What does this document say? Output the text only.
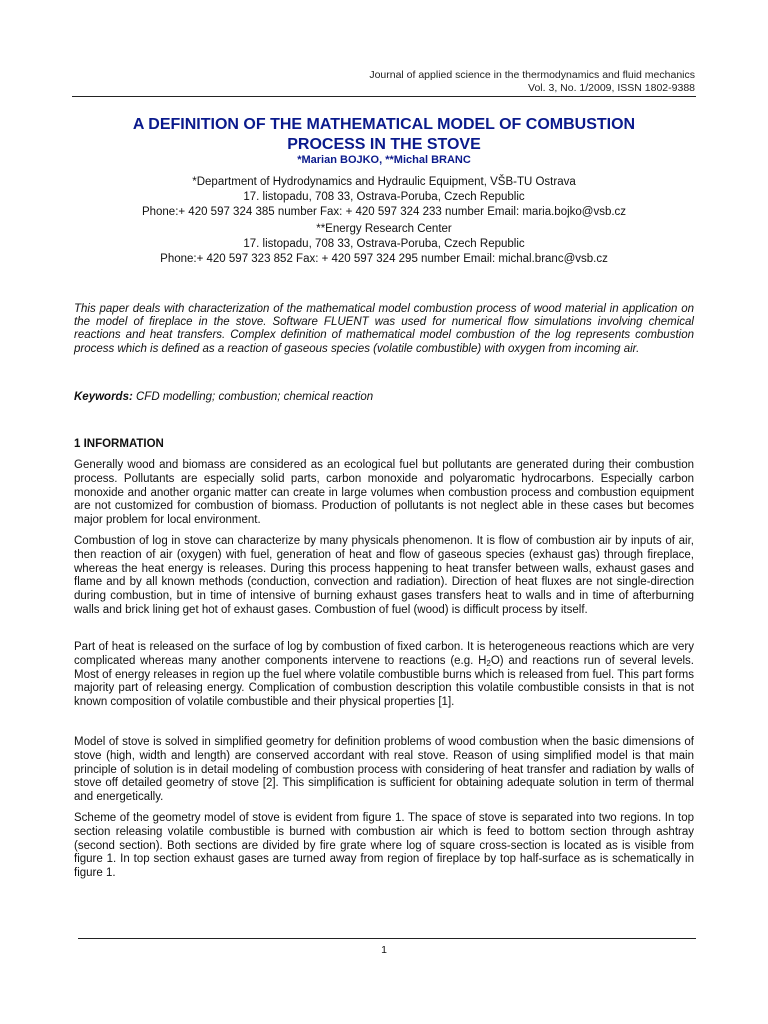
Journal of applied science in the thermodynamics and fluid mechanics
Vol. 3, No. 1/2009, ISSN 1802-9388
A DEFINITION OF THE MATHEMATICAL MODEL OF COMBUSTION
PROCESS IN THE STOVE
*Marian BOJKO, **Michal BRANC
*Department of Hydrodynamics and Hydraulic Equipment, VŠB-TU Ostrava
17. listopadu, 708 33, Ostrava-Poruba, Czech Republic
Phone:+ 420 597 324 385 number Fax: + 420 597 324 233 number Email: maria.bojko@vsb.cz
**Energy Research Center
17. listopadu, 708 33, Ostrava-Poruba, Czech Republic
Phone:+ 420 597 323 852 Fax: + 420 597 324 295 number Email: michal.branc@vsb.cz
This paper deals with characterization of the mathematical model combustion process of wood material in application on the model of fireplace in the stove. Software FLUENT was used for numerical flow simulations involving chemical reactions and heat transfers. Complex definition of mathematical model combustion of the log represents combustion process which is defined as a reaction of gaseous species (volatile combustible) with oxygen from incoming air.
Keywords: CFD modelling; combustion; chemical reaction
1 INFORMATION

Generally wood and biomass are considered as an ecological fuel but pollutants are generated during their combustion process. Pollutants are especially solid parts, carbon monoxide and polyaromatic hydrocarbons. Especially carbon monoxide and another organic matter can create in large volumes when combustion process and combustion equipment are not customized for combustion of biomass. Production of pollutants is not neglect able in these cases but becomes major problem for local environment.

Combustion of log in stove can characterize by many physicals phenomenon. It is flow of combustion air by inputs of air, then reaction of air (oxygen) with fuel, generation of heat and flow of gaseous species (exhaust gas) through fireplace, whereas the heat energy is releases. During this process happening to heat transfer between walls, exhaust gases and flame and by all known methods (conduction, convection and radiation). Direction of heat fluxes are not single-direction during combustion, but in time of intensive of burning exhaust gases transfers heat to walls and in time of afterburning walls and brick lining get hot of exhaust gases. Combustion of fuel (wood) is difficult process by itself.

Part of heat is released on the surface of log by combustion of fixed carbon. It is heterogeneous reactions which are very complicated whereas many another components intervene to reactions (e.g. $H_2O$) and reactions run of several levels. Most of energy releases in region up the fuel where volatile combustible burns which is released from fuel. This part forms majority part of releasing energy. Complication of combustion description this volatile combustible consists in that is not known composition of volatile combustible and their physical properties [1].

Model of stove is solved in simplified geometry for definition problems of wood combustion when the basic dimensions of stove (high, width and length) are conserved accordant with real stove. Reason of using simplified model is that main principle of solution is in detail modeling of combustion process with considering of heat transfer and radiation by walls of stove off detailed geometry of stove [2]. This simplification is sufficient for obtaining adequate solution in term of thermal and energetically.

Scheme of the geometry model of stove is evident from figure 1. The space of stove is separated into two regions. In top section releasing volatile combustible is burned with combustion air which is feed to bottom section through ashtray (second section). Both sections are divided by fire grate where log of square cross-section is located as is visible from figure 1. In top section exhaust gases are turned away from region of fireplace by top half-surface as is schematically in figure 1.

1
